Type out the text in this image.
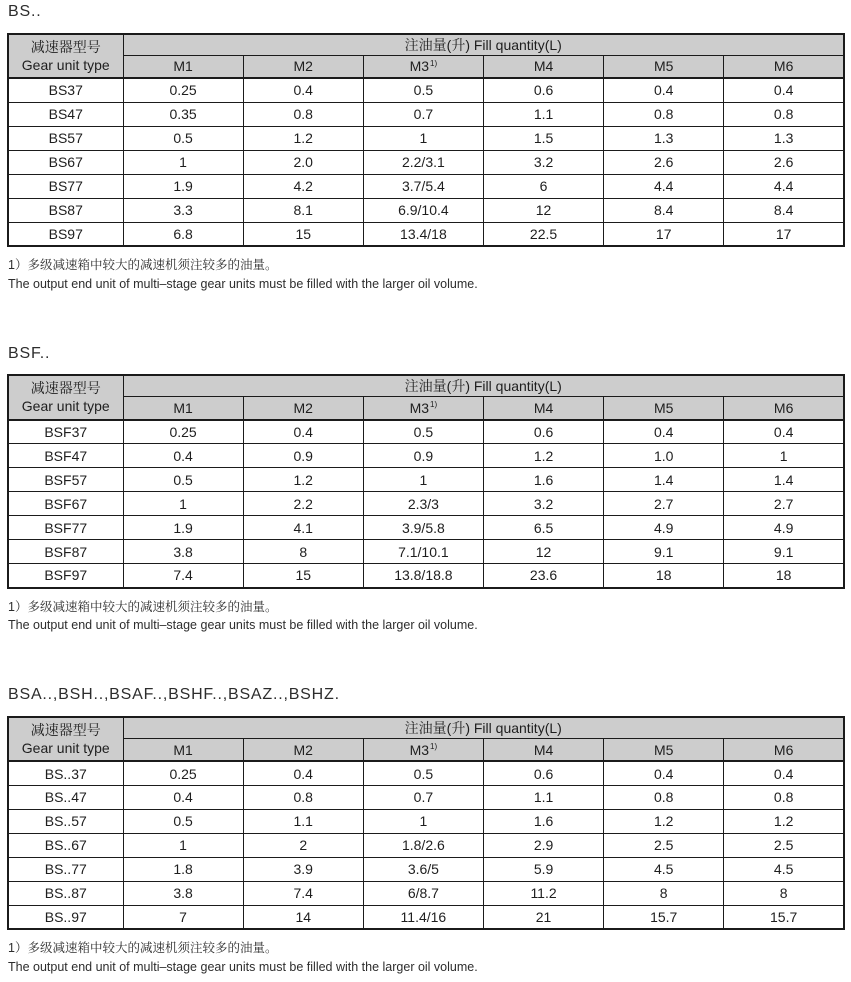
BS..
减速器型号
Gear unit type	注油量(升) Fill quantity(L)					
	M1	M2	M3$^{1)}$	M4	M5	M6
BS37	0.25	0.4	0.5	0.6	0.4	0.4
BS47	0.35	0.8	0.7	1.1	0.8	0.8
BS57	0.5	1.2	1	1.5	1.3	1.3
BS67	1	2.0	2.2/3.1	3.2	2.6	2.6
BS77	1.9	4.2	3.7/5.4	6	4.4	4.4
BS87	3.3	8.1	6.9/10.4	12	8.4	8.4
BS97	6.8	15	13.4/18	22.5	17	17
1）多级减速箱中较大的减速机须注较多的油量。
The output end unit of multi–stage gear units must be filled with the larger oil volume.
BSF..
减速器型号
Gear unit type	注油量(升) Fill quantity(L)					
	M1	M2	M3$^{1)}$	M4	M5	M6
BSF37	0.25	0.4	0.5	0.6	0.4	0.4
BSF47	0.4	0.9	0.9	1.2	1.0	1
BSF57	0.5	1.2	1	1.6	1.4	1.4
BSF67	1	2.2	2.3/3	3.2	2.7	2.7
BSF77	1.9	4.1	3.9/5.8	6.5	4.9	4.9
BSF87	3.8	8	7.1/10.1	12	9.1	9.1
BSF97	7.4	15	13.8/18.8	23.6	18	18
1）多级减速箱中较大的减速机须注较多的油量。
The output end unit of multi–stage gear units must be filled with the larger oil volume.
BSA..,BSH..,BSAF..,BSHF..,BSAZ..,BSHZ.
减速器型号
Gear unit type	注油量(升) Fill quantity(L)					
	M1	M2	M3$^{1)}$	M4	M5	M6
BS..37	0.25	0.4	0.5	0.6	0.4	0.4
BS..47	0.4	0.8	0.7	1.1	0.8	0.8
BS..57	0.5	1.1	1	1.6	1.2	1.2
BS..67	1	2	1.8/2.6	2.9	2.5	2.5
BS..77	1.8	3.9	3.6/5	5.9	4.5	4.5
BS..87	3.8	7.4	6/8.7	11.2	8	8
BS..97	7	14	11.4/16	21	15.7	15.7
1）多级减速箱中较大的减速机须注较多的油量。
The output end unit of multi–stage gear units must be filled with the larger oil volume.
